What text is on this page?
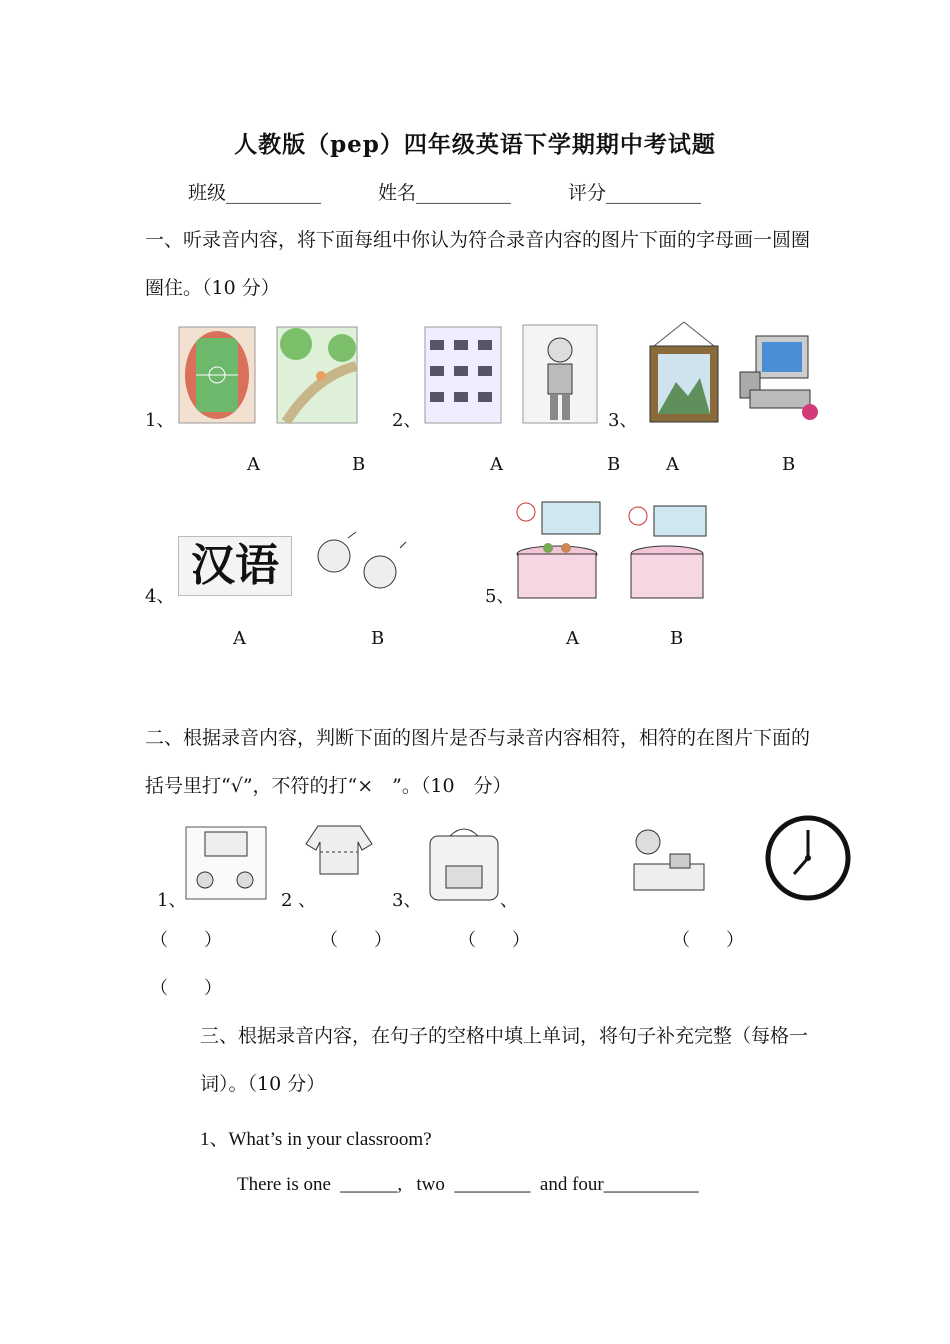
人教版（pep）四年级英语下学期期中考试题
班级__________	姓名__________	评分__________
一、听录音内容，将下面每组中你认为符合录音内容的图片下面的字母画一圆圈圈住。（10 分）
1、	2、	3、
A	B	A	B	A	B
4、
汉语
5、
A	B	A	B
二、根据录音内容，判断下面的图片是否与录音内容相符，相符的在图片下面的括号里打“√”，不符的打“×　”。（10　分）
1、	2 、	3、	、
（　　）	（　　）	（　　）	（　　）
（　　）
三、根据录音内容，在句子的空格中填上单词，将句子补充完整（每格一词）。（10 分）
1、What’s in your classroom?
There is one  ______,   two  ________  and four__________
